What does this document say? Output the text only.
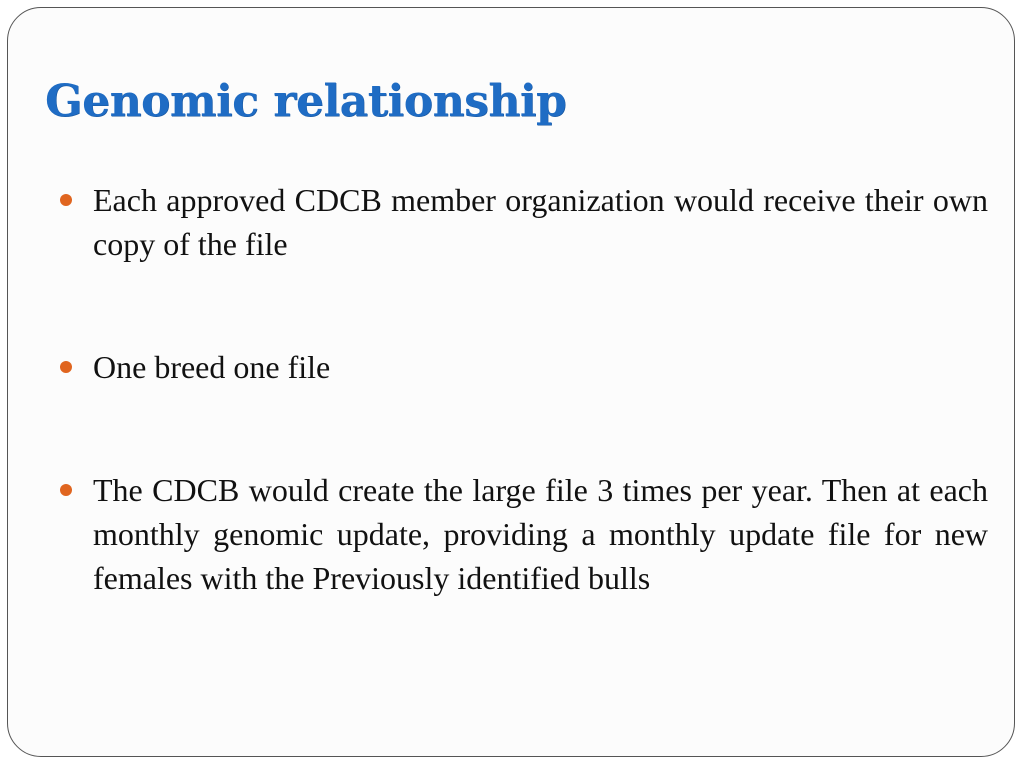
Genomic relationship
Each approved CDCB member organization would receive their own copy of the file
One breed one file
The CDCB would create the large file 3 times per year. Then at each monthly genomic update, providing a monthly update file for new females with the Previously identified bulls
